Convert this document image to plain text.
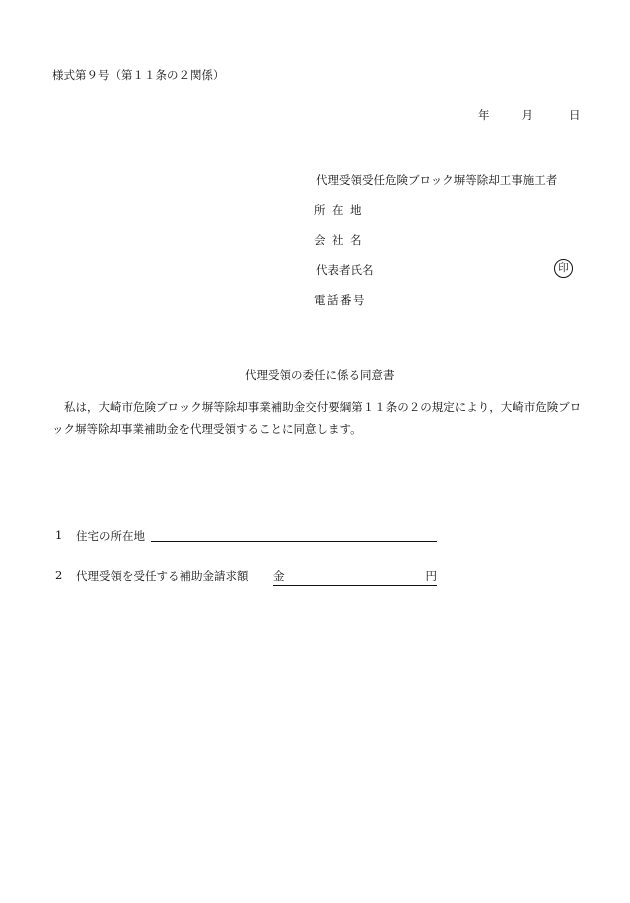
様式第９号（第１１条の２関係）
年	月	日
代理受領受任危険ブロック塀等除却工事施工者
所 在 地
会 社 名
代表者氏名	印
電 話 番 号
代理受領の委任に係る同意書
私は，大崎市危険ブロック塀等除却事業補助金交付要綱第１１条の２の規定により，大崎市危険ブロック塀等除却事業補助金を代理受領することに同意します。
1 住宅の所在地
2 代理受領を受任する補助金請求額 金	円
